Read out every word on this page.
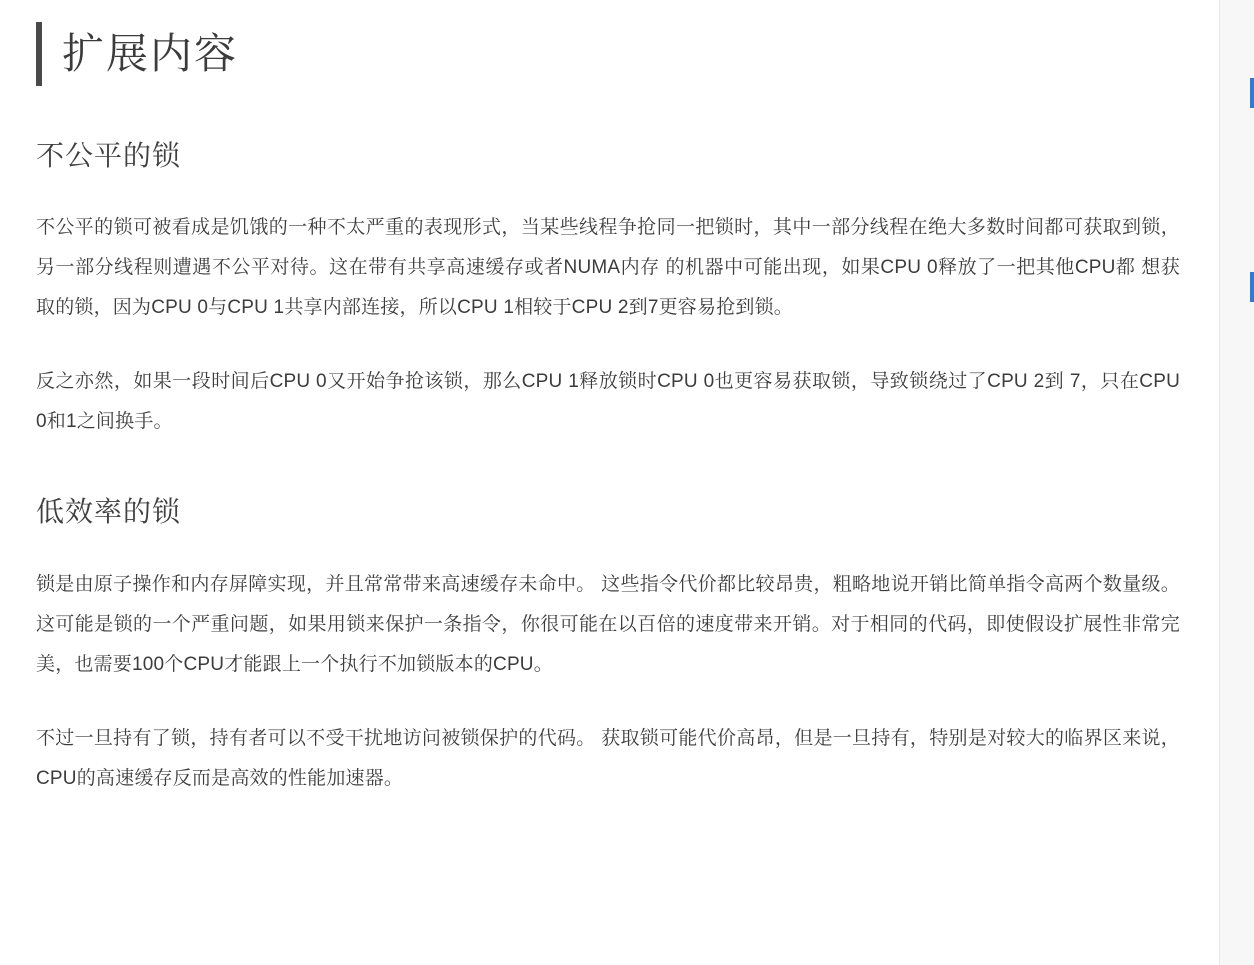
扩展内容
不公平的锁

不公平的锁可被看成是饥饿的一种不太严重的表现形式，当某些线程争抢同一把锁时，其中一部分线程在绝大多数时间都可获取到锁，另一部分线程则遭遇不公平对待。这在带有共享高速缓存或者NUMA内存 的机器中可能出现，如果CPU 0释放了一把其他CPU都 想获取的锁，因为CPU 0与CPU 1共享内部连接，所以CPU 1相较于CPU 2到7更容易抢到锁。

反之亦然，如果一段时间后CPU 0又开始争抢该锁，那么CPU 1释放锁时CPU 0也更容易获取锁，导致锁绕过了CPU 2到 7，只在CPU 0和1之间换手。

低效率的锁

锁是由原子操作和内存屏障实现，并且常常带来高速缓存未命中。 这些指令代价都比较昂贵，粗略地说开销比简单指令高两个数量级。这可能是锁的一个严重问题，如果用锁来保护一条指令，你很可能在以百倍的速度带来开销。对于相同的代码，即使假设扩展性非常完美，也需要100个CPU才能跟上一个执行不加锁版本的CPU。

不过一旦持有了锁，持有者可以不受干扰地访问被锁保护的代码。 获取锁可能代价高昂，但是一旦持有，特别是对较大的临界区来说，CPU的高速缓存反而是高效的性能加速器。
